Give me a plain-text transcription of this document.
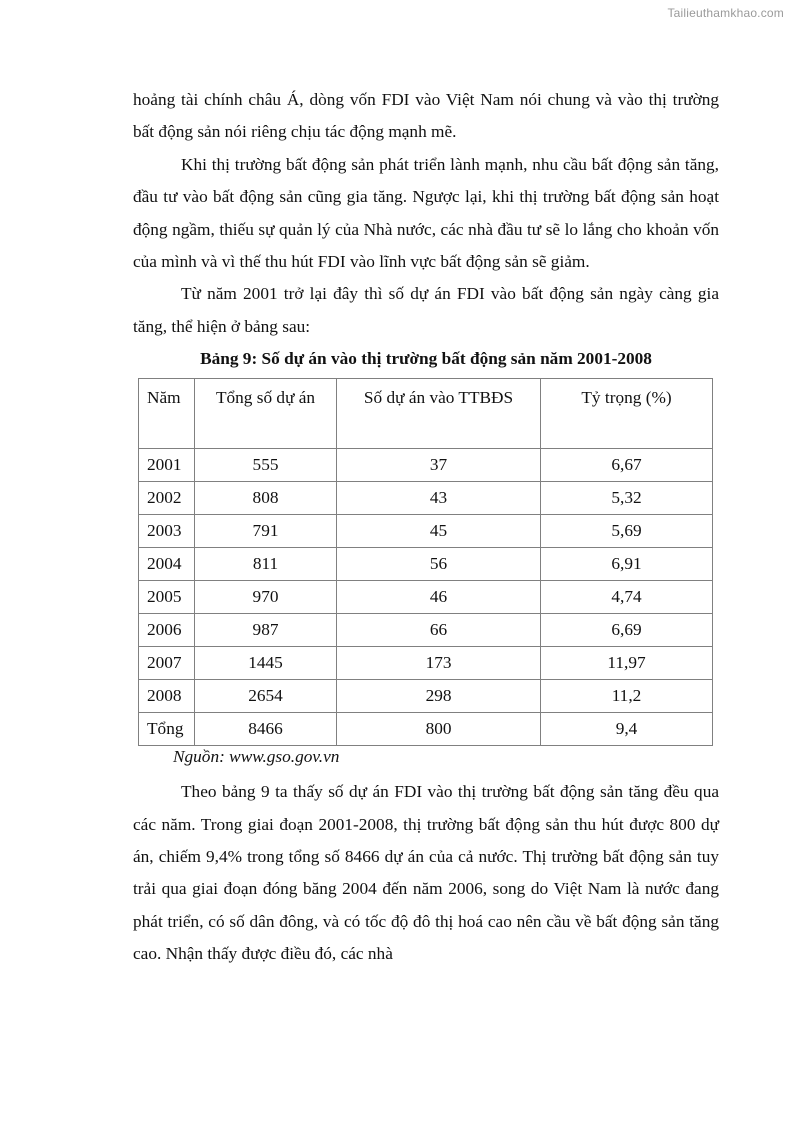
Tailieuthamkhao.com

hoảng tài chính châu Á, dòng vốn FDI vào Việt Nam nói chung và vào thị trường bất động sản nói riêng chịu tác động mạnh mẽ.

Khi thị trường bất động sản phát triển lành mạnh, nhu cầu bất động sản tăng, đầu tư vào bất động sản cũng gia tăng. Ngược lại, khi thị trường bất động sản hoạt động ngầm, thiếu sự quản lý của Nhà nước, các nhà đầu tư sẽ lo lắng cho khoản vốn của mình và vì thế thu hút FDI vào lĩnh vực bất động sản sẽ giảm.

Từ năm 2001 trở lại đây thì số dự án FDI vào bất động sản ngày càng gia tăng, thể hiện ở bảng sau:

Bảng 9: Số dự án vào thị trường bất động sản năm 2001-2008
Năm	Tổng số dự án	Số dự án vào TTBĐS	Tỷ trọng (%)
2001	555	37	6,67
2002	808	43	5,32
2003	791	45	5,69
2004	811	56	6,91
2005	970	46	4,74
2006	987	66	6,69
2007	1445	173	11,97
2008	2654	298	11,2
Tổng	8466	800	9,4
Nguồn: www.gso.gov.vn

Theo bảng 9 ta thấy số dự án FDI vào thị trường bất động sản tăng đều qua các năm. Trong giai đoạn 2001-2008, thị trường bất động sản thu hút được 800 dự án, chiếm 9,4% trong tổng số 8466 dự án của cả nước. Thị trường bất động sản tuy trải qua giai đoạn đóng băng 2004 đến năm 2006, song do Việt Nam là nước đang phát triển, có số dân đông, và có tốc độ đô thị hoá cao nên cầu về bất động sản tăng cao. Nhận thấy được điều đó, các nhà
